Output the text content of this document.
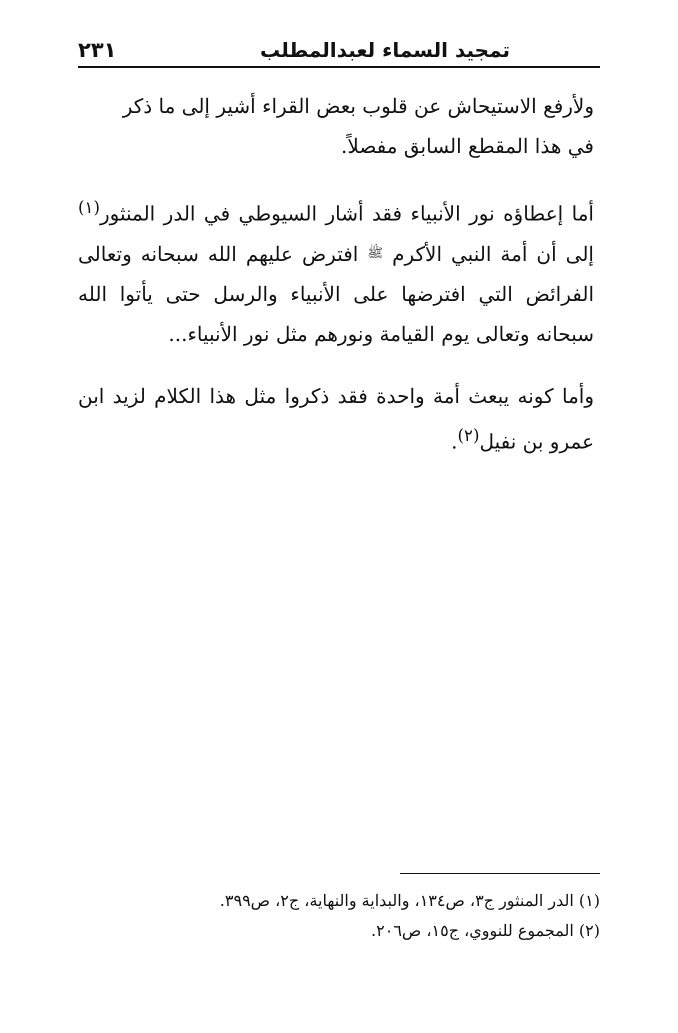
تمجيد السماء لعبدالمطلب
٢٣١

ولأرفع الاستيحاش عن قلوب بعض القراء أشير إلى ما ذكر
في هذا المقطع السابق مفصلاً.

أما إعطاؤه نور الأنبياء فقد أشار السيوطي في الدر المنثور$^{(١)}$ إلى أن أمة النبي الأكرم $^ﷺ$ افترض عليهم الله سبحانه وتعالى الفرائض التي افترضها على الأنبياء والرسل حتى يأتوا الله سبحانه وتعالى يوم القيامة ونورهم مثل نور الأنبياء...

وأما كونه يبعث أمة واحدة فقد ذكروا مثل هذا الكلام لزيد ابن عمرو بن نفيل$^{(٢)}$.

(١) الدر المنثور ج٣، ص١٣٤، والبداية والنهاية، ج٢، ص٣٩٩.

(٢) المجموع للنووي، ج١٥، ص٢٠٦.
